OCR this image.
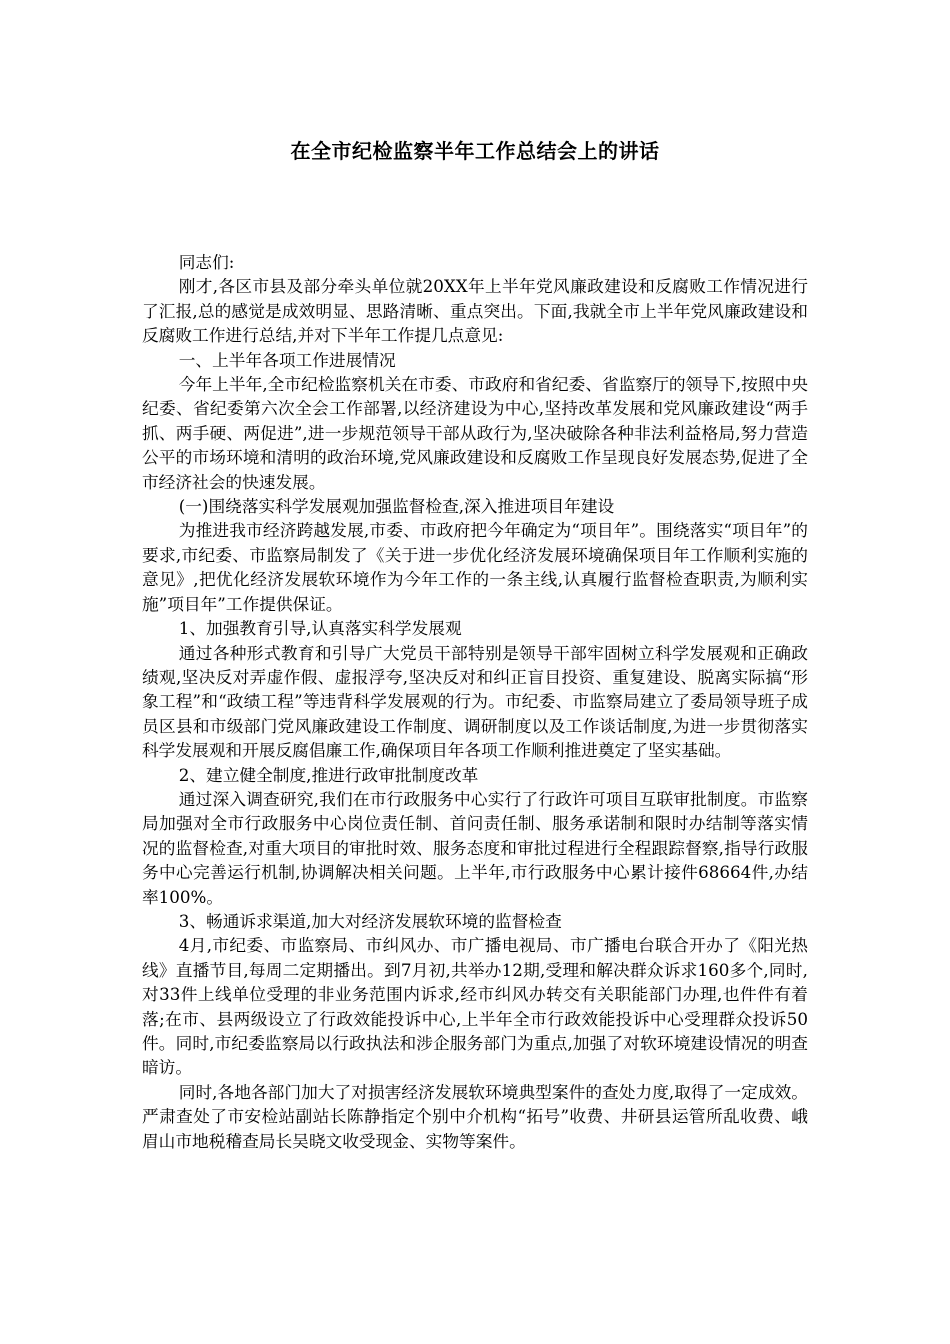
在全市纪检监察半年工作总结会上的讲话

同志们:

刚才,各区市县及部分牵头单位就20XX年上半年党风廉政建设和反腐败工作情况进行了汇报,总的感觉是成效明显、思路清晰、重点突出。下面,我就全市上半年党风廉政建设和反腐败工作进行总结,并对下半年工作提几点意见:

一、上半年各项工作进展情况

今年上半年,全市纪检监察机关在市委、市政府和省纪委、省监察厅的领导下,按照中央纪委、省纪委第六次全会工作部署,以经济建设为中心,坚持改革发展和党风廉政建设“两手抓、两手硬、两促进”,进一步规范领导干部从政行为,坚决破除各种非法利益格局,努力营造公平的市场环境和清明的政治环境,党风廉政建设和反腐败工作呈现良好发展态势,促进了全市经济社会的快速发展。

(一)围绕落实科学发展观加强监督检查,深入推进项目年建设

为推进我市经济跨越发展,市委、市政府把今年确定为“项目年”。围绕落实“项目年”的要求,市纪委、市监察局制发了《关于进一步优化经济发展环境确保项目年工作顺利实施的意见》,把优化经济发展软环境作为今年工作的一条主线,认真履行监督检查职责,为顺利实施”项目年”工作提供保证。

1、加强教育引导,认真落实科学发展观

通过各种形式教育和引导广大党员干部特别是领导干部牢固树立科学发展观和正确政绩观,坚决反对弄虚作假、虚报浮夸,坚决反对和纠正盲目投资、重复建设、脱离实际搞“形象工程”和“政绩工程”等违背科学发展观的行为。市纪委、市监察局建立了委局领导班子成员区县和市级部门党风廉政建设工作制度、调研制度以及工作谈话制度,为进一步贯彻落实科学发展观和开展反腐倡廉工作,确保项目年各项工作顺利推进奠定了坚实基础。

2、建立健全制度,推进行政审批制度改革

通过深入调查研究,我们在市行政服务中心实行了行政许可项目互联审批制度。市监察局加强对全市行政服务中心岗位责任制、首问责任制、服务承诺制和限时办结制等落实情况的监督检查,对重大项目的审批时效、服务态度和审批过程进行全程跟踪督察,指导行政服务中心完善运行机制,协调解决相关问题。上半年,市行政服务中心累计接件68664件,办结率100%。

3、畅通诉求渠道,加大对经济发展软环境的监督检查

4月,市纪委、市监察局、市纠风办、市广播电视局、市广播电台联合开办了《阳光热线》直播节目,每周二定期播出。到7月初,共举办12期,受理和解决群众诉求160多个,同时,对33件上线单位受理的非业务范围内诉求,经市纠风办转交有关职能部门办理,也件件有着落;在市、县两级设立了行政效能投诉中心,上半年全市行政效能投诉中心受理群众投诉50件。同时,市纪委监察局以行政执法和涉企服务部门为重点,加强了对软环境建设情况的明查暗访。

同时,各地各部门加大了对损害经济发展软环境典型案件的查处力度,取得了一定成效。严肃查处了市安检站副站长陈静指定个别中介机构“拓号”收费、井研县运管所乱收费、峨眉山市地税稽查局长吴晓文收受现金、实物等案件。
